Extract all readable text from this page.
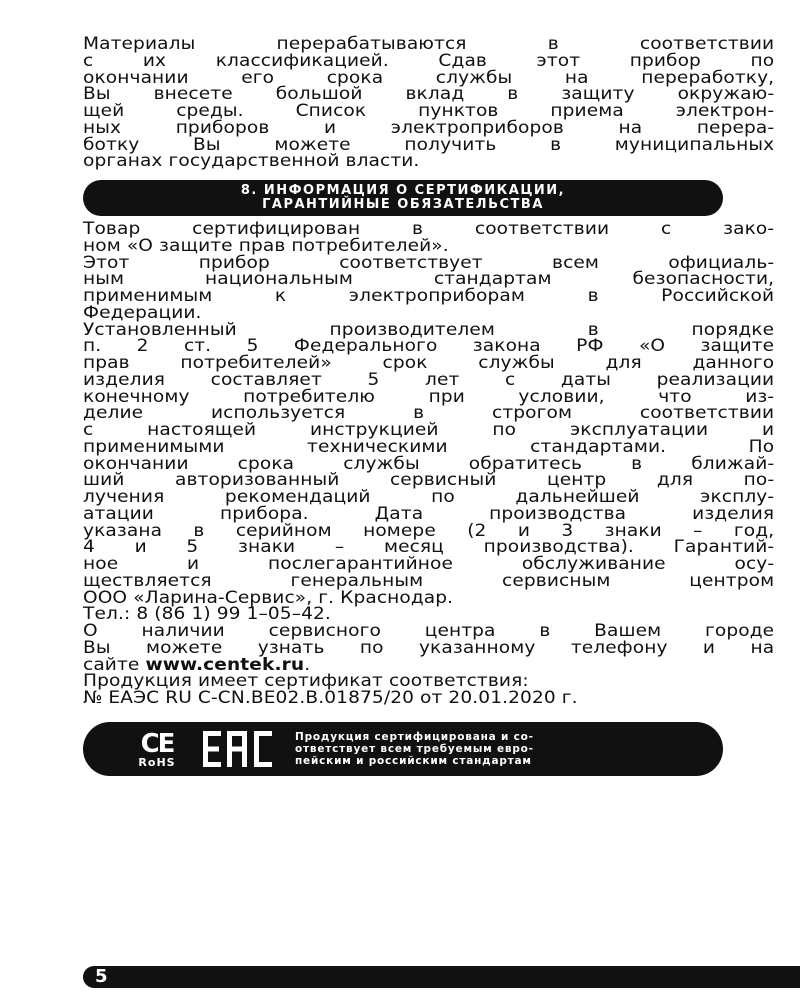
Материалы перерабатываются в соответствии
с их классификацией. Сдав этот прибор по
окончании его срока службы на переработку,
Вы внесете большой вклад в защиту окружаю-
щей среды. Список пунктов приема электрон-
ных приборов и электроприборов на перера-
ботку Вы можете получить в муниципальных
органах государственной власти.
8. ИНФОРМАЦИЯ О СЕРТИФИКАЦИИ,
ГАРАНТИЙНЫЕ ОБЯЗАТЕЛЬСТВА
Товар сертифицирован в соответствии с зако-
ном «О защите прав потребителей».
Этот прибор соответствует всем официаль-
ным национальным стандартам безопасности,
применимым к электроприборам в Российской
Федерации.
Установленный производителем в порядке
п. 2 ст. 5 Федерального закона РФ «О защите
прав потребителей» срок службы для данного
изделия составляет 5 лет с даты реализации
конечному потребителю при условии, что из-
делие используется в строгом соответствии
с настоящей инструкцией по эксплуатации и
применимыми техническими стандартами. По
окончании срока службы обратитесь в ближай-
ший авторизованный сервисный центр для по-
лучения рекомендаций по дальнейшей эксплу-
атации прибора. Дата производства изделия
указана в серийном номере (2 и 3 знаки – год,
4 и 5 знаки – месяц производства). Гарантий-
ное и послегарантийное обслуживание осу-
ществляется генеральным сервисным центром
ООО «Ларина-Сервис», г. Краснодар.
Тел.: 8 (86 1) 99 1–05–42.
О наличии сервисного центра в Вашем городе
Вы можете узнать по указанному телефону и на
сайте www.centek.ru.
Продукция имеет сертификат соответствия:
№ ЕАЭС RU С-CN.ВЕ02.В.01875/20 от 20.01.2020 г.
CE
RoHS
Продукция сертифицирована и со-
ответствует всем требуемым евро-
пейским и российским стандартам
5
